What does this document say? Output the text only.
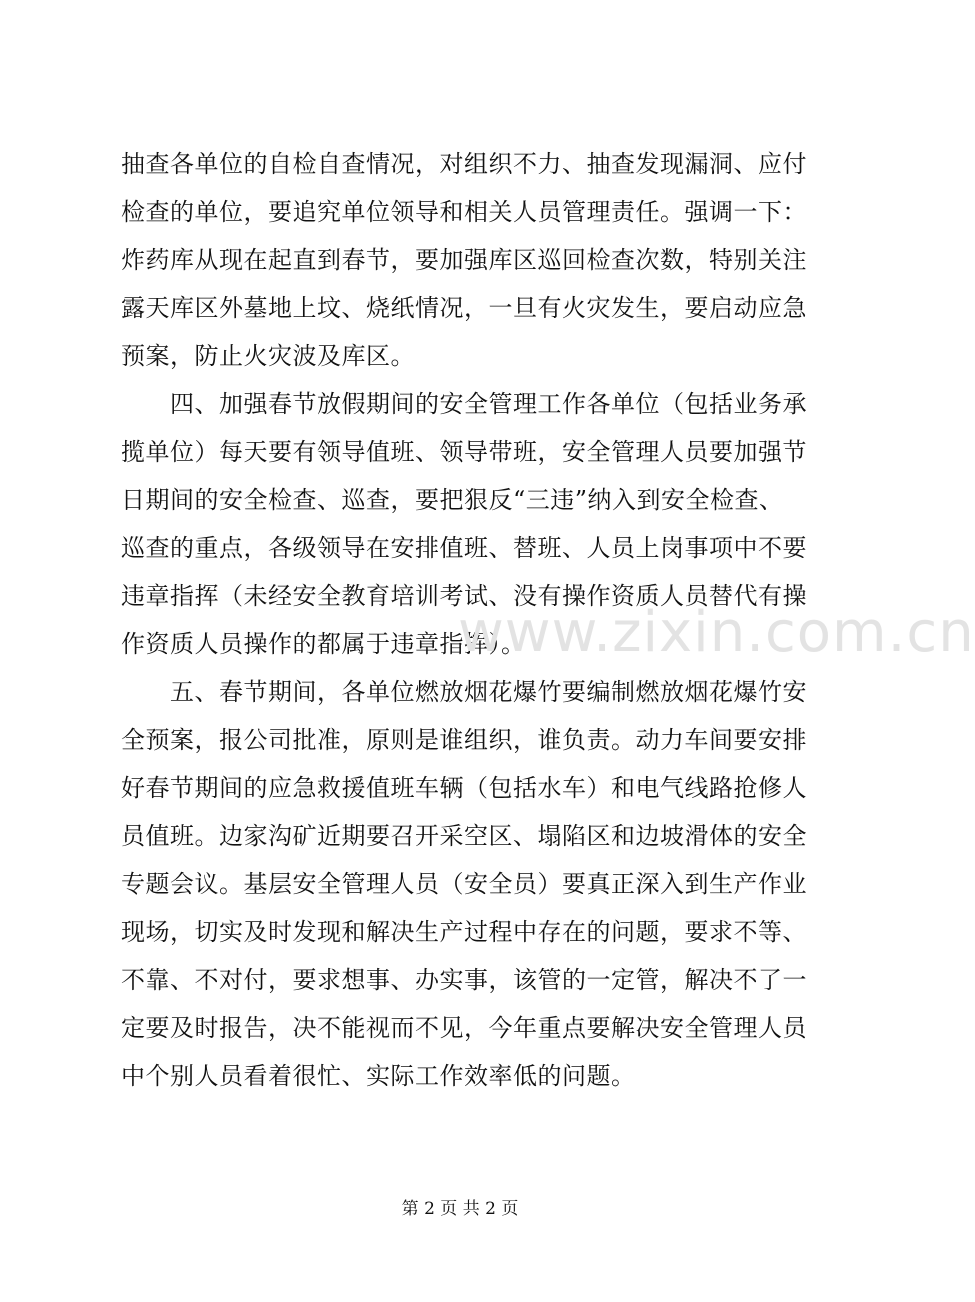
抽查各单位的自检自查情况，对组织不力、抽查发现漏洞、应付
检查的单位，要追究单位领导和相关人员管理责任。强调一下：
炸药库从现在起直到春节，要加强库区巡回检查次数，特别关注
露天库区外墓地上坟、烧纸情况，一旦有火灾发生，要启动应急
预案，防止火灾波及库区。
　　四、加强春节放假期间的安全管理工作各单位（包括业务承
揽单位）每天要有领导值班、领导带班，安全管理人员要加强节
日期间的安全检查、巡查，要把狠反“三违”纳入到安全检查、
巡查的重点，各级领导在安排值班、替班、人员上岗事项中不要
违章指挥（未经安全教育培训考试、没有操作资质人员替代有操
作资质人员操作的都属于违章指挥）。
　　五、春节期间，各单位燃放烟花爆竹要编制燃放烟花爆竹安
全预案，报公司批准，原则是谁组织，谁负责。动力车间要安排
好春节期间的应急救援值班车辆（包括水车）和电气线路抢修人
员值班。边家沟矿近期要召开采空区、塌陷区和边坡滑体的安全
专题会议。基层安全管理人员（安全员）要真正深入到生产作业
现场，切实及时发现和解决生产过程中存在的问题，要求不等、
不靠、不对付，要求想事、办实事，该管的一定管，解决不了一
定要及时报告，决不能视而不见，今年重点要解决安全管理人员
中个别人员看着很忙、实际工作效率低的问题。
www.zixin.com.cn
第 2 页 共 2 页
